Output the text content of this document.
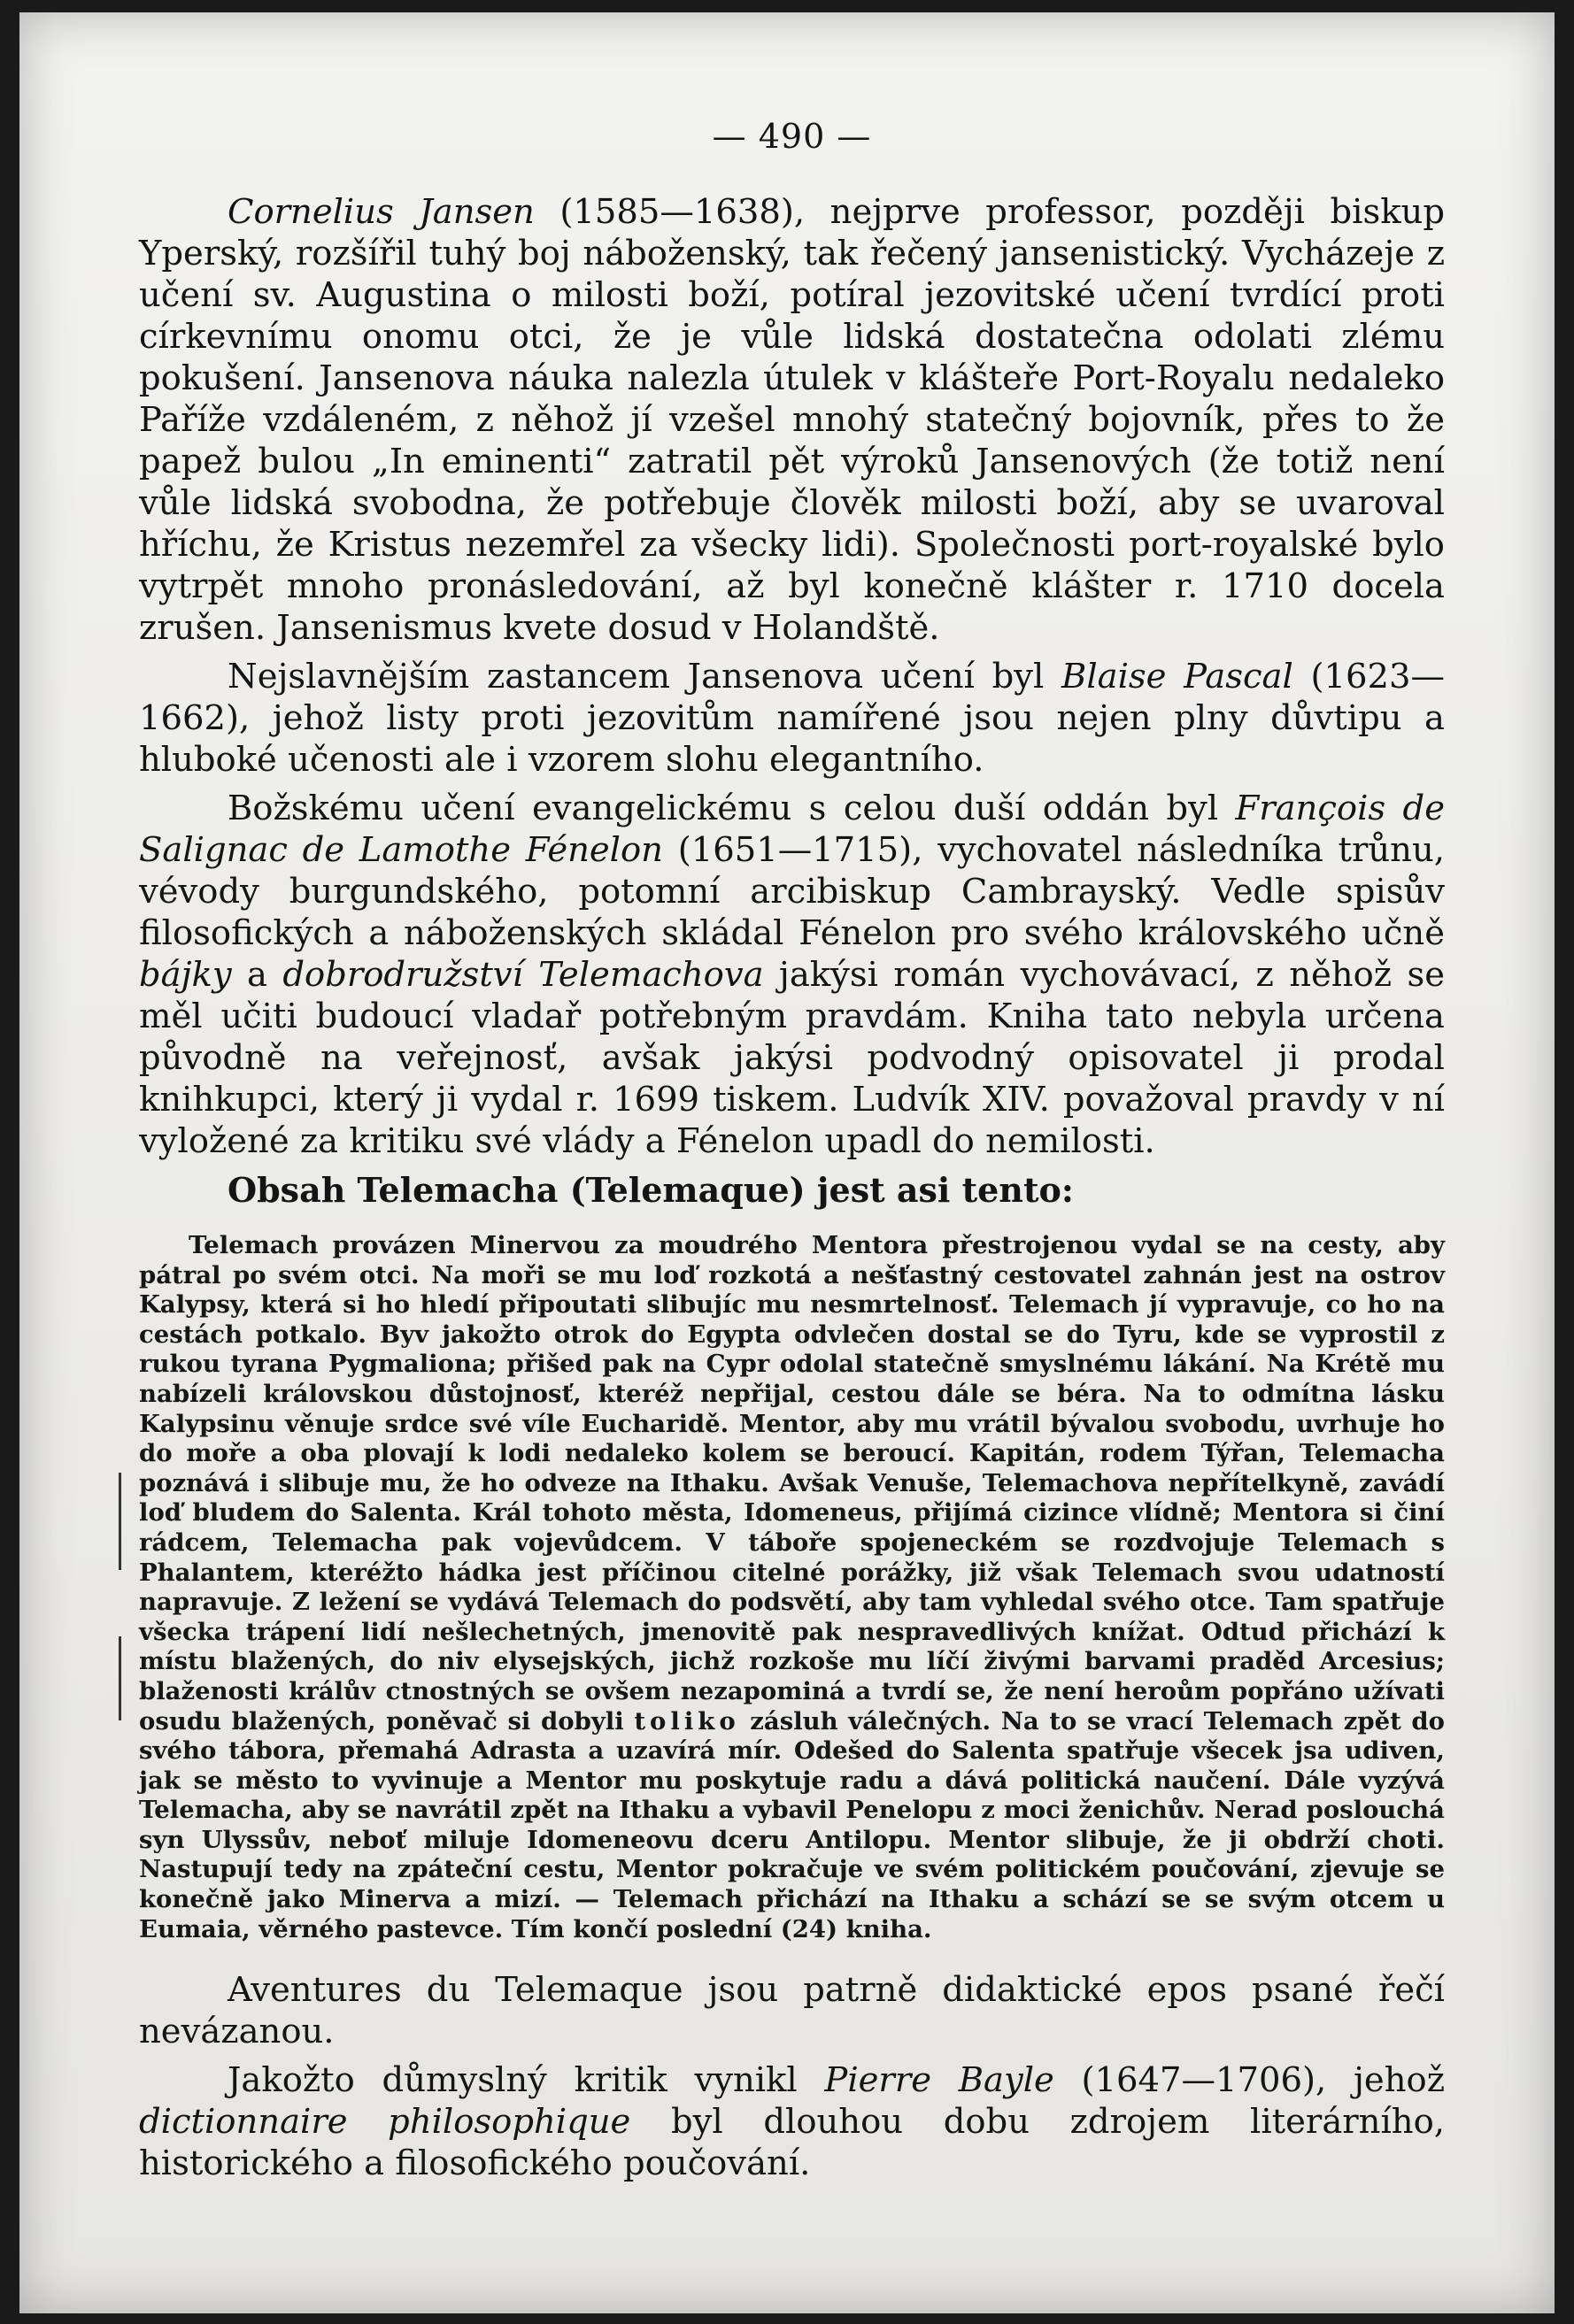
— 490 —

Cornelius Jansen (1585—1638), nejprve professor, později biskup Yperský, rozšířil tuhý boj náboženský, tak řečený jansenistický. Vycházeje z učení sv. Augustina o milosti boží, potíral jezovitské učení tvrdící proti církevnímu onomu otci, že je vůle lidská dostatečna odolati zlému pokušení. Jansenova náuka nalezla útulek v klášteře Port-Royalu nedaleko Paříže vzdáleném, z něhož jí vzešel mnohý statečný bojovník, přes to že papež bulou „In eminenti“ zatratil pět výroků Jansenových (že totiž není vůle lidská svobodna, že potřebuje člověk milosti boží, aby se uvaroval hříchu, že Kristus nezemřel za všecky lidi). Společnosti port-royalské bylo vytrpět mnoho pronásledování, až byl konečně klášter r. 1710 docela zrušen. Jansenismus kvete dosud v Holandště.

Nejslavnějším zastancem Jansenova učení byl Blaise Pascal (1623—1662), jehož listy proti jezovitům namířené jsou nejen plny důvtipu a hluboké učenosti ale i vzorem slohu elegantního.

Božskému učení evangelickému s celou duší oddán byl François de Salignac de Lamothe Fénelon (1651—1715), vychovatel následníka trůnu, vévody burgundského, potomní arcibiskup Cambrayský. Vedle spisův filosofických a náboženských skládal Fénelon pro svého královského učně bájky a dobrodružství Telemachova jakýsi román vychovávací, z něhož se měl učiti budoucí vladař potřebným pravdám. Kniha tato nebyla určena původně na veřejnosť, avšak jakýsi podvodný opisovatel ji prodal knihkupci, který ji vydal r. 1699 tiskem. Ludvík XIV. považoval pravdy v ní vyložené za kritiku své vlády a Fénelon upadl do nemilosti.

Obsah Telemacha (Telemaque) jest asi tento:

Telemach provázen Minervou za moudrého Mentora přestrojenou vydal se na cesty, aby pátral po svém otci. Na moři se mu loď rozkotá a nešťastný cestovatel zahnán jest na ostrov Kalypsy, která si ho hledí připoutati slibujíc mu nesmrtelnosť. Telemach jí vypravuje, co ho na cestách potkalo. Byv jakožto otrok do Egypta odvlečen dostal se do Tyru, kde se vyprostil z rukou tyrana Pygmaliona; přišed pak na Cypr odolal statečně smyslnému lákání. Na Krétě mu nabízeli královskou důstojnosť, kteréž nepřijal, cestou dále se béra. Na to odmítna lásku Kalypsinu věnuje srdce své víle Eucharidě. Mentor, aby mu vrátil bývalou svobodu, uvrhuje ho do moře a oba plovají k lodi nedaleko kolem se beroucí. Kapitán, rodem Týřan, Telemacha poznává i slibuje mu, že ho odveze na Ithaku. Avšak Venuše, Telemachova nepřítelkyně, zavádí loď bludem do Salenta. Král tohoto města, Idomeneus, přijímá cizince vlídně; Mentora si činí rádcem, Telemacha pak vojevůdcem. V táboře spojeneckém se rozdvojuje Telemach s Phalantem, kteréžto hádka jest příčinou citelné porážky, již však Telemach svou udatností napravuje. Z ležení se vydává Telemach do podsvětí, aby tam vyhledal svého otce. Tam spatřuje všecka trápení lidí nešlechetných, jmenovitě pak nespravedlivých knížat. Odtud přichází k místu blažených, do niv elysejských, jichž rozkoše mu líčí živými barvami praděd Arcesius; blaženosti králův ctnostných se ovšem nezapominá a tvrdí se, že není heroům popřáno užívati osudu blažených, poněvač si dobyli toliko zásluh válečných. Na to se vrací Telemach zpět do svého tábora, přemahá Adrasta a uzavírá mír. Odešed do Salenta spatřuje všecek jsa udiven, jak se město to vyvinuje a Mentor mu poskytuje radu a dává politická naučení. Dále vyzývá Telemacha, aby se navrátil zpět na Ithaku a vybavil Penelopu z moci ženichův. Nerad poslouchá syn Ulyssův, neboť miluje Idomeneovu dceru Antilopu. Mentor slibuje, že ji obdrží choti. Nastupují tedy na zpáteční cestu, Mentor pokračuje ve svém politickém poučování, zjevuje se konečně jako Minerva a mizí. — Telemach přichází na Ithaku a schází se se svým otcem u Eumaia, věrného pastevce. Tím končí poslední (24) kniha.

Aventures du Telemaque jsou patrně didaktické epos psané řečí nevázanou.

Jakožto důmyslný kritik vynikl Pierre Bayle (1647—1706), jehož dictionnaire philosophique byl dlouhou dobu zdrojem literárního, historického a filosofického poučování.
